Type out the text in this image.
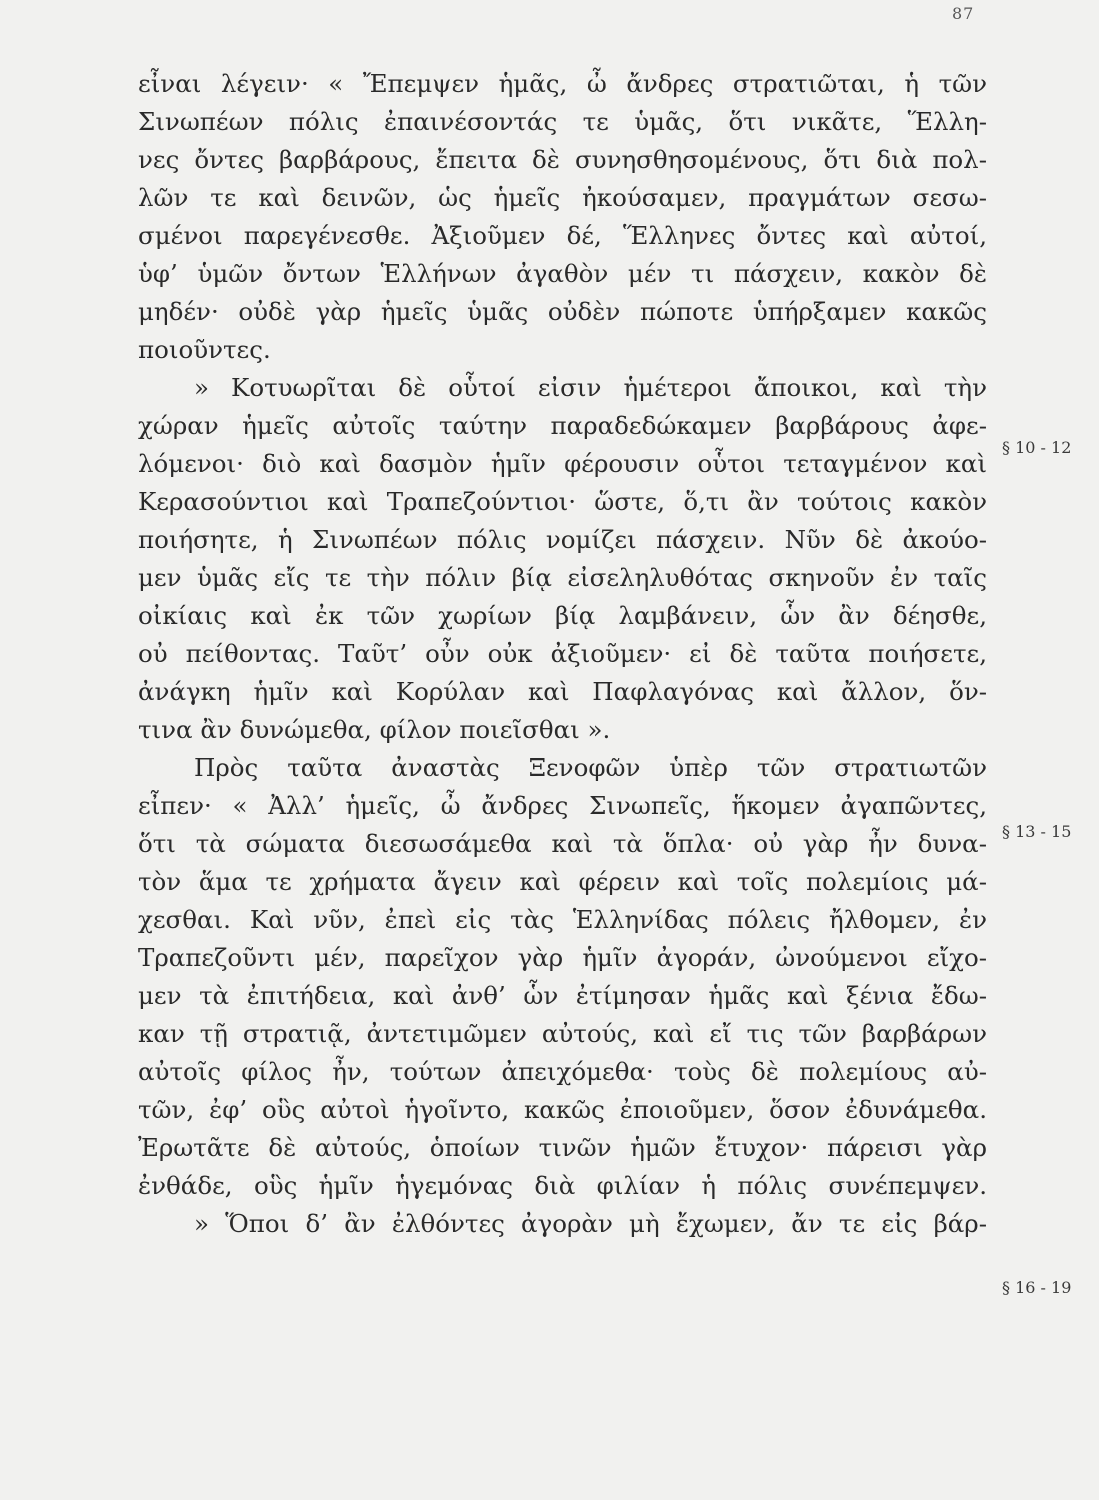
87
εἶναι λέγειν· « Ἔπεμψεν ἡμᾶς, ὦ ἄνδρες στρατιῶται, ἡ τῶν
Σινωπέων πόλις ἐπαινέσοντάς τε ὑμᾶς, ὅτι νικᾶτε, Ἕλλη-
νες ὄντες βαρβάρους, ἔπειτα δὲ συνησθησομένους, ὅτι διὰ πολ-
λῶν τε καὶ δεινῶν, ὡς ἡμεῖς ἠκούσαμεν, πραγμάτων σεσω-
σμένοι παρεγένεσθε. Ἀξιοῦμεν δέ, Ἕλληνες ὄντες καὶ αὐτοί,
ὑφ’ ὑμῶν ὄντων Ἑλλήνων ἀγαθὸν μέν τι πάσχειν, κακὸν δὲ
μηδέν· οὐδὲ γὰρ ἡμεῖς ὑμᾶς οὐδὲν πώποτε ὑπήρξαμεν κακῶς
ποιοῦντες.
» Κοτυωρῖται δὲ οὗτοί εἰσιν ἡμέτεροι ἄποικοι, καὶ τὴν
χώραν ἡμεῖς αὐτοῖς ταύτην παραδεδώκαμεν βαρβάρους ἀφε-
λόμενοι· διὸ καὶ δασμὸν ἡμῖν φέρουσιν οὗτοι τεταγμένον καὶ
Κερασούντιοι καὶ Τραπεζούντιοι· ὥστε, ὅ,τι ἂν τούτοις κακὸν
ποιήσητε, ἡ Σινωπέων πόλις νομίζει πάσχειν. Νῦν δὲ ἀκούο-
μεν ὑμᾶς εἴς τε τὴν πόλιν βίᾳ εἰσεληλυθότας σκηνοῦν ἐν ταῖς
οἰκίαις καὶ ἐκ τῶν χωρίων βίᾳ λαμβάνειν, ὧν ἂν δέησθε,
οὐ πείθοντας. Ταῦτ’ οὖν οὐκ ἀξιοῦμεν· εἰ δὲ ταῦτα ποιήσετε,
ἀνάγκη ἡμῖν καὶ Κορύλαν καὶ Παφλαγόνας καὶ ἄλλον, ὅν-
τινα ἂν δυνώμεθα, φίλον ποιεῖσθαι ».
Πρὸς ταῦτα ἀναστὰς Ξενοφῶν ὑπὲρ τῶν στρατιωτῶν
εἶπεν· « Ἀλλ’ ἡμεῖς, ὦ ἄνδρες Σινωπεῖς, ἥκομεν ἀγαπῶντες,
ὅτι τὰ σώματα διεσωσάμεθα καὶ τὰ ὅπλα· οὐ γὰρ ἦν δυνα-
τὸν ἅμα τε χρήματα ἄγειν καὶ φέρειν καὶ τοῖς πολεμίοις μά-
χεσθαι. Καὶ νῦν, ἐπεὶ εἰς τὰς Ἑλληνίδας πόλεις ἤλθομεν, ἐν
Τραπεζοῦντι μέν, παρεῖχον γὰρ ἡμῖν ἀγοράν, ὠνούμενοι εἴχο-
μεν τὰ ἐπιτήδεια, καὶ ἀνθ’ ὧν ἐτίμησαν ἡμᾶς καὶ ξένια ἔδω-
καν τῇ στρατιᾷ, ἀντετιμῶμεν αὐτούς, καὶ εἴ τις τῶν βαρβάρων
αὐτοῖς φίλος ἦν, τούτων ἀπειχόμεθα· τοὺς δὲ πολεμίους αὐ-
τῶν, ἐφ’ οὓς αὐτοὶ ἡγοῖντο, κακῶς ἐποιοῦμεν, ὅσον ἐδυνάμεθα.
Ἐρωτᾶτε δὲ αὐτούς, ὁποίων τινῶν ἡμῶν ἔτυχον· πάρεισι γὰρ
ἐνθάδε, οὓς ἡμῖν ἡγεμόνας διὰ φιλίαν ἡ πόλις συνέπεμψεν.
» Ὅποι δ’ ἂν ἐλθόντες ἀγορὰν μὴ ἔχωμεν, ἄν τε εἰς βάρ-
§ 10 - 12
§ 13 - 15
§ 16 - 19
